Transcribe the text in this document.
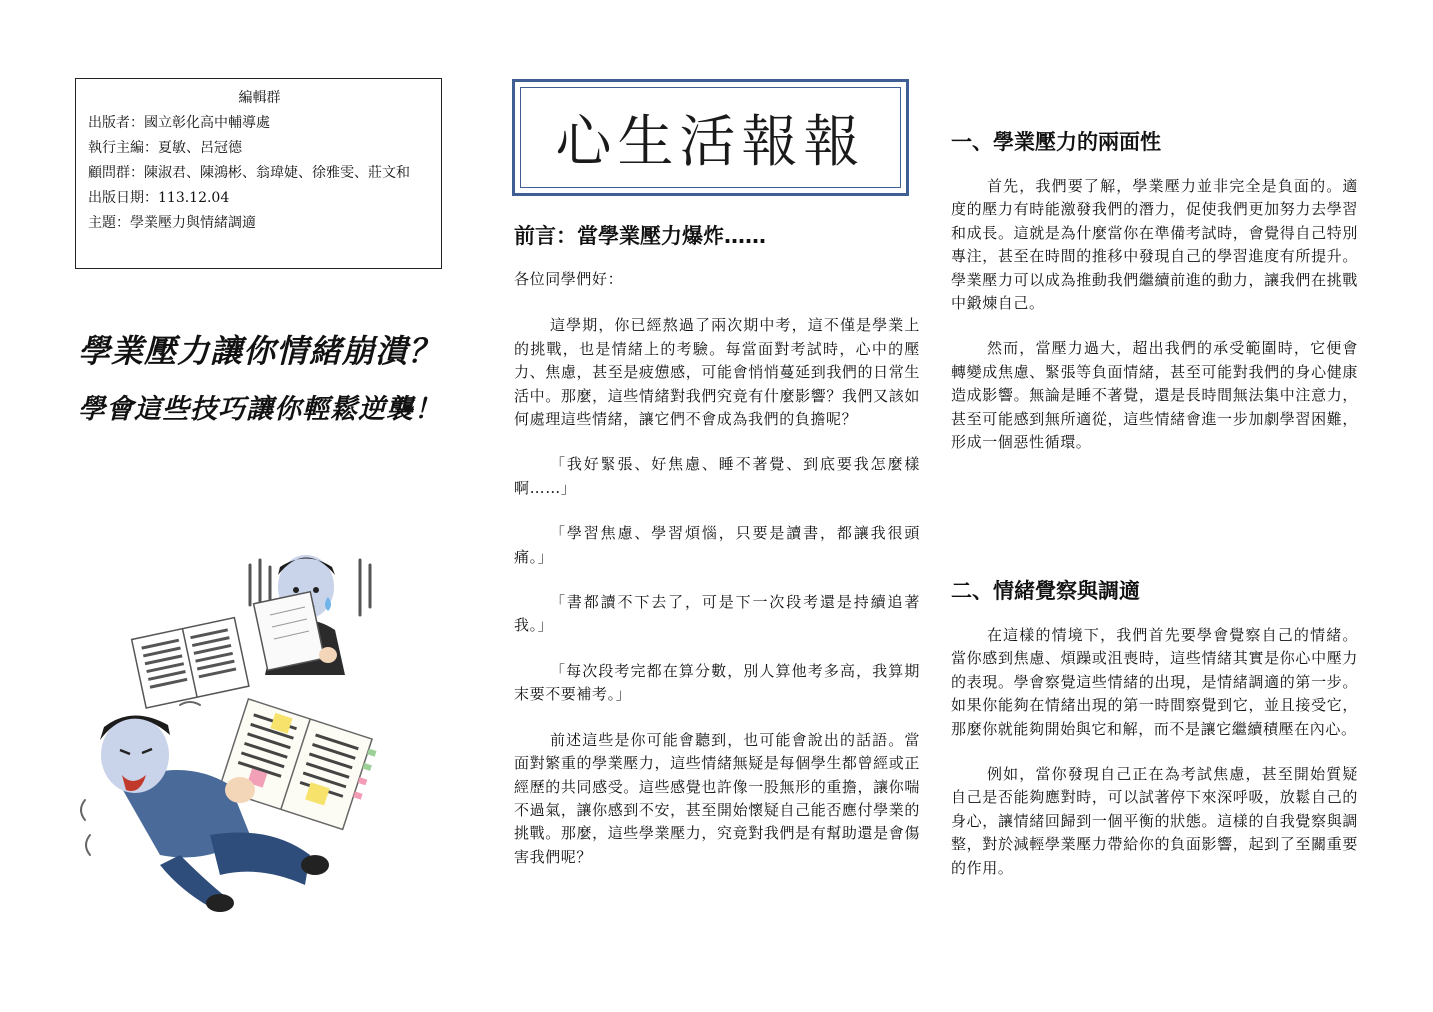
編輯群
出版者：國立彰化高中輔導處
執行主編：夏敏、呂冠德
顧問群：陳淑君、陳鴻彬、翁瑋婕、徐雅雯、莊文和
出版日期：113.12.04
主題：學業壓力與情緒調適
學業壓力讓你情緒崩潰？
學會這些技巧讓你輕鬆逆襲！
心生活報報
前言：當學業壓力爆炸……

各位同學們好：

這學期，你已經熬過了兩次期中考，這不僅是學業上的挑戰，也是情緒上的考驗。每當面對考試時，心中的壓力、焦慮，甚至是疲憊感，可能會悄悄蔓延到我們的日常生活中。那麼，這些情緒對我們究竟有什麼影響？我們又該如何處理這些情緒，讓它們不會成為我們的負擔呢？

「我好緊張、好焦慮、睡不著覺、到底要我怎麼樣啊……」

「學習焦慮、學習煩惱，只要是讀書，都讓我很頭痛。」

「書都讀不下去了，可是下一次段考還是持續追著我。」

「每次段考完都在算分數，別人算他考多高，我算期末要不要補考。」

前述這些是你可能會聽到，也可能會說出的話語。當面對繁重的學業壓力，這些情緒無疑是每個學生都曾經或正經歷的共同感受。這些感覺也許像一股無形的重擔，讓你喘不過氣，讓你感到不安，甚至開始懷疑自己能否應付學業的挑戰。那麼，這些學業壓力，究竟對我們是有幫助還是會傷害我們呢？

一、學業壓力的兩面性

首先，我們要了解，學業壓力並非完全是負面的。適度的壓力有時能激發我們的潛力，促使我們更加努力去學習和成長。這就是為什麼當你在準備考試時，會覺得自己特別專注，甚至在時間的推移中發現自己的學習進度有所提升。學業壓力可以成為推動我們繼續前進的動力，讓我們在挑戰中鍛煉自己。

然而，當壓力過大，超出我們的承受範圍時，它便會轉變成焦慮、緊張等負面情緒，甚至可能對我們的身心健康造成影響。無論是睡不著覺，還是長時間無法集中注意力，甚至可能感到無所適從，這些情緒會進一步加劇學習困難，形成一個惡性循環。

二、情緒覺察與調適

在這樣的情境下，我們首先要學會覺察自己的情緒。當你感到焦慮、煩躁或沮喪時，這些情緒其實是你心中壓力的表現。學會察覺這些情緒的出現，是情緒調適的第一步。如果你能夠在情緒出現的第一時間察覺到它，並且接受它，那麼你就能夠開始與它和解，而不是讓它繼續積壓在內心。

例如，當你發現自己正在為考試焦慮，甚至開始質疑自己是否能夠應對時，可以試著停下來深呼吸，放鬆自己的身心，讓情緒回歸到一個平衡的狀態。這樣的自我覺察與調整，對於減輕學業壓力帶給你的負面影響，起到了至關重要的作用。
